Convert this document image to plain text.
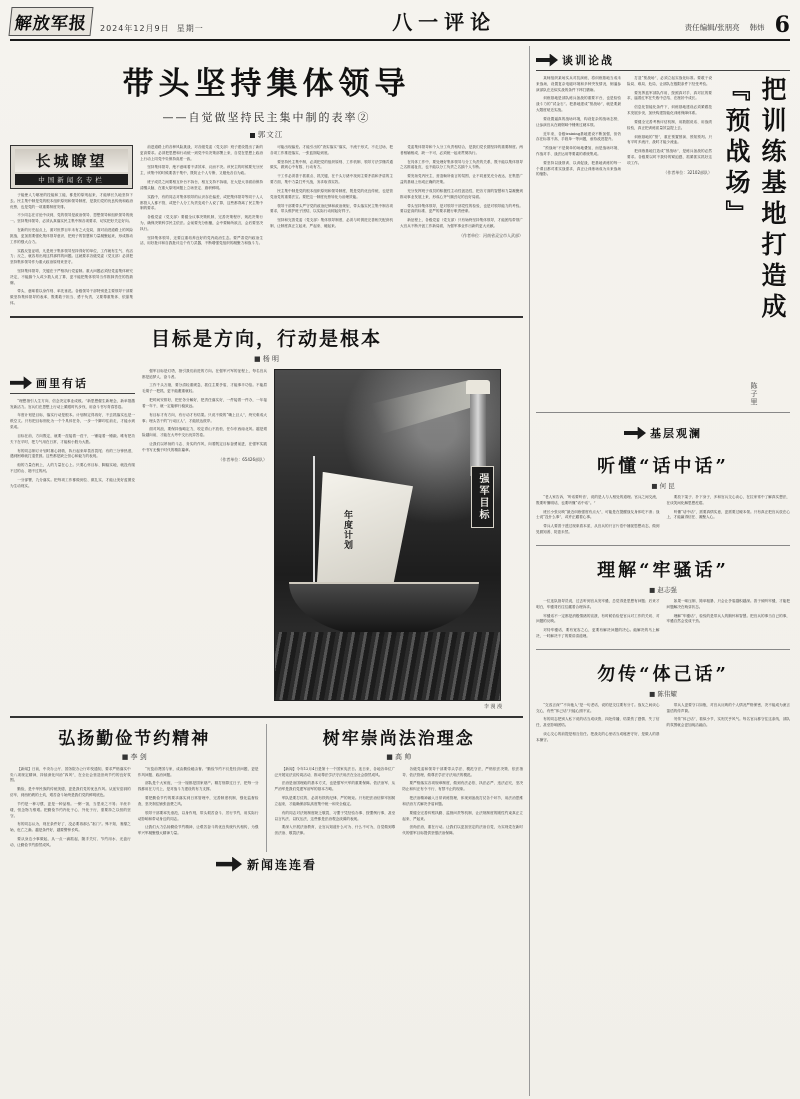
解放军报	2024年12月9日 星期一	八一评论	责任编辑/张朋亮 韩炜 6
带头坚持集体领导
——自觉做坚持民主集中制的表率②
郭文江
长城瞭望
中国新闻名专栏

子能使人力哪里的技能和工能，都是的原则起来，才能够长久地坚持下去。民主集中制是党的根本组织原则和领导制度，是我们党的优良传统和政治优势，也是党的一项重要制度安排。

不少同志在讨论中谈到，党的领导是政治领导、思想领导和组织领导的统一。坚持集体领导，必须认真落实民主集中制各项要求，切实把好关定好向。

在新的历史起点上，面对世界百年未有之大变局，面对前进道路上的风险挑战，更加需要强化集体领导意识，把班子的智慧和力量凝聚起来，形成推动工作的强大合力。

实践反复证明，凡是班子集体领导坚持得好的单位，工作就有生气、有活力；反之，就容易出现这样那样的问题。这就要求各级党委（党支部）必须把坚持集体领导作为重大政治原则来坚守。

坚持集体领导，关键在于严格执行党委制。重大问题必须经党委集体研究决定，不能搞个人或少数人说了算，更不能把集体领导当作推卸责任的挡箭牌。

带头，意味着以身作则、率先垂范。各级领导干部特别是主要领导干部要做坚持集体领导的表率，既要敢于担当、勇于负责，又要尊重集体、依靠集体。

前进道路上的各种风险挑战，对各级党委（党支部）班子建设提出了新的更高要求。必须把思想和行动统一到党中央决策部署上来，自觉在思想上政治上行动上同党中央保持高度一致。

坚持集体领导，绝不意味着不讲效率、议而不决。该民主的时候要充分民主，该集中的时候要善于集中，既防止个人专断，又避免各自为政。

班子成员之间要相互补台不拆台，相互支持不拆墙，在大是大非面前保持清醒头脑，在重大原则问题上立场坚定、旗帜鲜明。

实践中，有的同志对集体领导的认识存在偏差，或把集体领导等同于人人都管人人都不管，或把个人分工负责变成个人说了算，这些都背离了民主集中制的要求。

各级党委（党支部）要健全议事决策机制，完善决策程序，规范决策行为，确保决策科学民主依法。会前要充分酝酿，会中要畅所欲言，会后要坚决执行。

坚持集体领导，还要注重培养良好的党内政治生态。要严肃党内政治生活，用好批评和自我批评这个有力武器，不断增强党组织的凝聚力和战斗力。

可能出现偏差。才能引出的“查实落实”落实，不流于形式、不走过场，把各项工作推进落实，一张蓝图绘到底。

要坚持民主集中制，必须把党的组织原则、工作机制、领导方法学懂弄通做实，做到心中有数、行动有方。

干工作必须善于抓重点、抓关键，在千头万绪中找到主要矛盾和矛盾的主要方面，集中力量打歼灭战，务求取得实效。

民主集中制是党的根本组织原则和领导制度，既是党的优良传统，也是管党治党的重要法宝。要把这一制度优势转化为治理效能。

领导干部要带头严守党的政治纪律和政治规矩，带头落实民主集中制各项要求，带头维护班子团结，以实际行动树起好样子。

坚持和完善党委（党支部）集体领导制度，必须与时俱进完善相关配套机制，让制度真正立起来、严起来、硬起来。

党委集体领导和个人分工负责相结合，是我们党长期坚持的重要制度。两者相辅相成、缺一不可，必须统一起来贯彻执行。

在具体工作中，要处理好集体领导与分工负责的关系，既不能以集体领导之名推诿扯皮，也不能以分工负责之名搞个人专断。

要发扬党内民主，营造畅所欲言的氛围，让不同意见充分表达，在集思广益的基础上形成正确的决策。

充分发挥班子成员的积极性主动性创造性，把各方面的智慧和力量凝聚到推动事业发展上来，形成心齐气顺劲足的良好局面。

带头坚持集体领导，是对领导干部党性的检验，也是对领导能力的考验。要以更高的标准、更严的要求履行职责使命。

新征程上，各级党委（党支部）只有始终坚持集体领导，才能团结带领广大官兵不断开创工作新局面，为强军事业作出新的更大贡献。

（作者单位：河南省灵宝市人武部）
目标是方向，行动是根本
■ 杨 明
画里有话

“理想指引人生方向，信念决定事业成败。”新思想催生新理念，新举措激发新活力。官兵们在思想上行动上紧跟时代步伐，用奋斗书写青春答卷。

年度计划是目标，落实行动是根本。计划制定得再好，不去抓落实也是一纸空文。只有把目标细化为一个个具体任务，一步一个脚印往前走，才能水到渠成。

目标在前，方向既定，就要一茬接着一茬干，一锤接着一锤敲。唯有把功夫下在平时，把力气用在日常，才能积小胜为大胜。

有的同志制订计划时雄心勃勃，执行起来却畏首畏尾；有的三分钟热度，遇到困难就打退堂鼓。这些都是缺乏恒心和毅力的表现。

船的力量在帆上，人的力量在心上。只要心怀目标、脚踏实地，就没有爬不过的山、趟不过的河。

一分部署，九分落实。把每项工作都做到位、做扎实，才能让美好蓝图变为生动现实。

强军目标是灯塔，指引我们前进的方向。在强军兴军的征程上，每名官兵都是追梦人、奋斗者。

工作千头万绪，要分清轻重缓急，抓住主要矛盾，才能事半功倍。不能眉毛胡子一把抓，更不能避重就轻。

把时间安排好，把任务分解好，把责任落实好，一件接着一件办，一年接着一年干，就一定能够行稳致远。

有目标才有方向，有行动才有结果。只说不做的“嘴上巨人”，终究难成大事；埋头苦干的“行动巨人”，才能抵达彼岸。

面对风浪，要保持战略定力，咬定青山不放松，任尔东西南北风。越是艰险越向前，才能在大考中交出优异答卷。

让我们以昂扬的斗志、务实的作风，向着既定目标奋勇前进，在强军实践中书写无愧于时代的精彩篇章。

（作者单位：65426部队）
年度计划
强军目标
李 漫 漫
弘扬勤俭节约精神
■ 李 剑

【新闻】日前，中央办公厅、国务院办公厅印发通知，要求严格落实中央八项规定精神，持续深化纠治“四风”，在全社会营造崇尚节约的良好氛围。

勤俭，是中华民族的传统美德，更是我们党的优良作风。从延安窑洞的纺车，到西柏坡的土炕，艰苦奋斗始终是我们党的鲜明底色。

节约是一种习惯，更是一种品格。一粥一饭，当思来之不易；半丝半缕，恒念物力维艰。把勤俭节约内化于心、外化于行，需要持之以恒的坚守。

有的同志认为，现在条件好了，没必要再那么“抠门”。殊不知，奢靡之始，危亡之渐。越是条件好，越要警钟长鸣。

要从身边小事做起，从一点一滴抓起，随手关灯、节约用水、光盘行动，让勤俭节约蔚然成风。

“历览前贤国与家，成由勤俭破由奢。”勤俭节约不仅是经济问题，更是作风问题、政治问题。

部队是个大家庭，一分一厘都是国家财产。精打细算过日子，把每一分钱都用在刀刃上，是对战斗力建设的有力支撑。

要把勤俭节约的要求落实到日常管理中，完善制度机制，强化监督检查，坚决刹住铺张浪费之风。

领导干部要率先垂范，以身作则，带头艰苦奋斗、厉行节约，用实际行动影响和带动身边的同志。

让我们大力弘扬勤俭节约精神，让艰苦奋斗的优良传统代代相传，为强军兴军凝聚强大精神力量。

树牢崇尚法治理念
■ 高 帅

【新闻】今年12月4日是第十一个国家宪法日。连日来，各地各单位广泛开展宪法宣传周活动，推动尊法学法守法用法在全社会蔚然成风。

法治是治国理政的基本方式，也是强军兴军的重要保障。依法治军、从严治军是我们党建军治军的基本方略。

军队是要打仗的，必须有铁的纪律、严的规矩。只有把法治信仰牢固树立起来，才能确保部队高度集中统一和安全稳定。

有的同志对法规制度缺乏敬畏，习惯于凭经验办事、按惯例行事，甚至以言代法、以权压法，这些都是法治观念淡薄的表现。

要深入开展法治教育，让官兵知道什么可为、什么不可为，自觉做到尊崇法治、敬畏法律。

各级党委和领导干部要带头学法、模范守法，严格依法决策、依法指导、依法管理，做尊法学法守法用法的模范。

要严格落实各项规章制度，做到有法必依、执法必严、违法必究，坚决防止和纠正有令不行、有禁不止的现象。

把法治精神融入日常训练管理，体现到备战打仗各个环节，用法治思维和法治方式解决矛盾问题。

要健全完善纠察执勤、监督问责等机制，让法规制度的刚性约束真正立起来、严起来。

崇尚法治，重在行动。让我们以更加坚定的法治自觉，为实现党在新时代的强军目标提供坚强法治保障。

新闻连连看
谈训论战

某师组织某场实兵对抗演练，将训练基地当成未来战场，设置复杂电磁环境和多种突发情况，倒逼参演部队在近似实战的条件下摔打磨砺。

训练基地是部队练兵备战的重要平台，也是检验战斗力的“试金石”。把基地建成“预战场”，就是要最大限度贴近实战。

要设置逼真的战场环境，构设复杂的战场态势，让参演官兵在硝烟味中锤炼过硬本领。

近年来，各级training基地建设不断加强，但仍存在标准不高、手段单一等问题，亟待改进提升。

“预战场”不是简单的场地叠加，而是战场环境、作战对手、战法运用等要素的系统集成。

要坚持以战领训、以训促战，把基地训练的每一个课目都对准实战需求，真正让训练场成为未来战场的缩影。

打造“预战场”，必须立起实战化标准。要敢于设险局、难局、危局，让部队在极限条件下经受考验。

要发挥蓝军部队作用，按照真对手、真对抗的要求，逼着红军在失败中总结、在挫折中成长。

信息化智能化条件下，训练基地建设必须紧跟技术发展步伐，加快构建智能化训练保障体系。

要健全完善考核评估机制，用数据说话、用战绩检验，真正把训练质量效益提上去。

训练基地的“预”，重在预置预演、预知预判。只有平时多流汗，战时才能少流血。

把训练基地打造成“预战场”，是练兵备战的必然要求。各级要以时不我待的紧迫感，抓紧抓实抓好这项工作。

（作者单位：32102部队）	把训练基地打造成『预战场』
陈子里
基层观澜
听懂“话中话”
■ 何 昆

“老人家告诉，‘听话要听音’，说的是人与人相处的道理。官兵之间交流，既要听懂明话，也要听懂“话中话”。”

班长小张反映“最近训练强度有点大”，可能是在提醒战友身体吃不消；战士说“没什么事”，或许正藏着心事。

带兵人要善于透过现象看本质，从官兵的只言片语中捕捉思想动态，做到见微知著、防患未然。

要放下架子、扑下身子，多和官兵交心谈心，在拉家常中了解真实想法，在谈笑间化解思想疙瘩。

听懂“话中话”，需要真情实意，更需要过硬本领。只有真正把官兵放在心上，才能赢得信任、凝聚人心。

理解“牢骚话”
■ 赵志强

一位连队指导员说，过去听到官兵发牢骚，总觉得是思想有问题；后来才明白，牢骚背后往往藏着合理诉求。

牢骚话不一定都是消极情绪的宣泄，有时候恰恰是官兵对工作的关切、对问题的反映。

对待牢骚话，要有宽容之心，更要有解决问题的决心。能解决的马上解决，一时解决不了的要讲清道理。

如果一味压制、简单粗暴，只会让矛盾越积越深。善于倾听牢骚，才能把问题解决在萌芽状态。

理解“牢骚话”，检验的是带兵人的胸怀和智慧。把官兵的事当自己的事，牢骚自然会变成干劲。

勿传“体己话”
■ 陈伟耀

“交浅言深”“不向他人”是一句老话，说的是交往要有分寸。战友之间谈心交心，有些“体己话”只能心照不宣。

有的同志把别人私下说的话当成谈资，四处传播，结果伤了感情、失了信任，甚至影响团结。

谈心交心的前提是相互信任。把战友的心里话当成秘密守好，是做人的基本操守。

带兵人更要守口如瓶，对官兵反映的个人情况严格保密，决不能成为流言蜚语的传声筒。

勿传“体己话”，看似小节，实则关乎风气。每名官兵都守住这条线，部队的氛围就会更加纯洁融洽。
